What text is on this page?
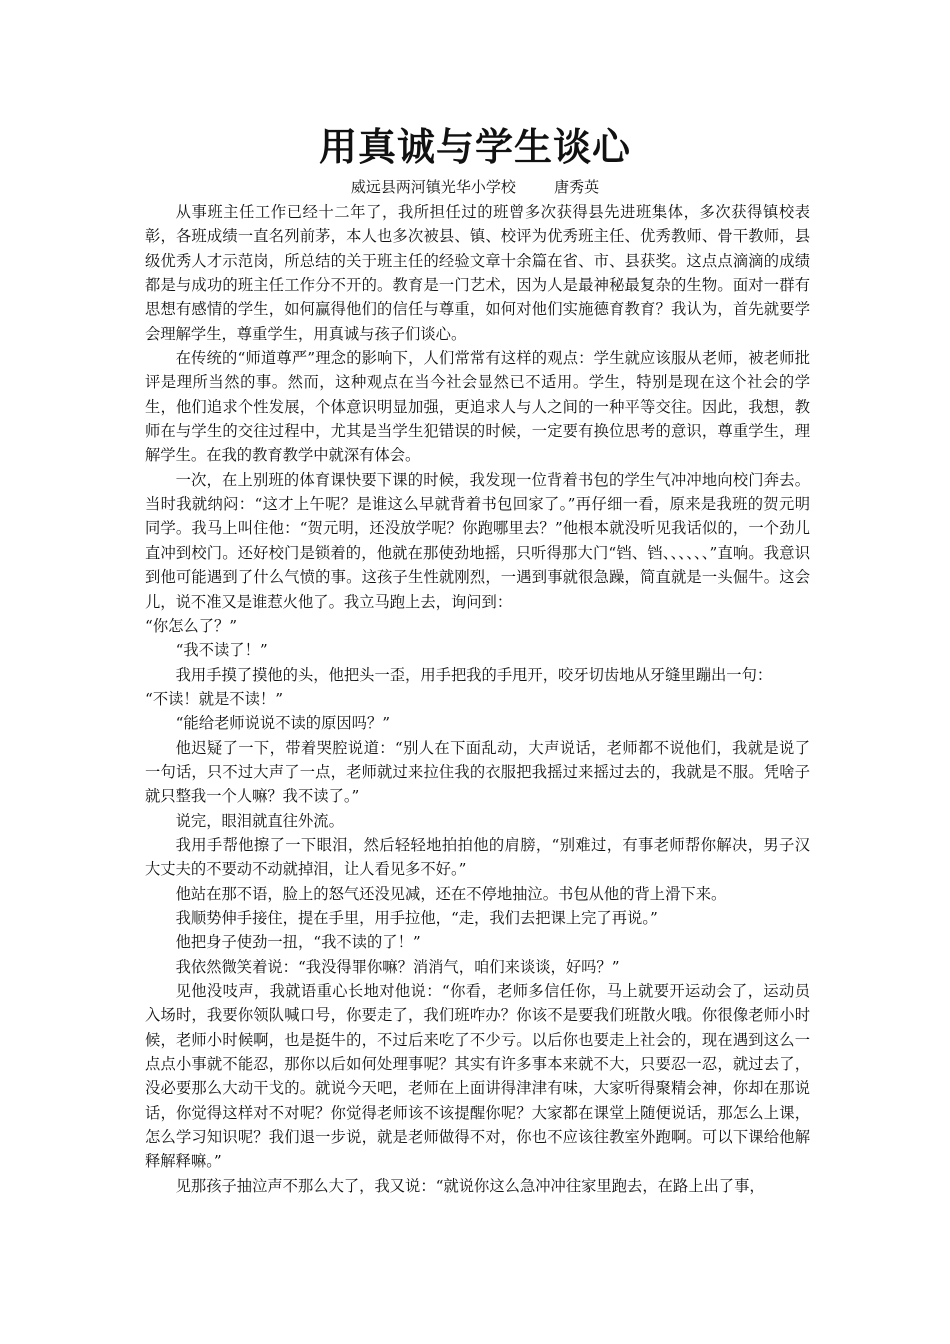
用真诚与学生谈心
威远县两河镇光华小学校	唐秀英

从事班主任工作已经十二年了，我所担任过的班曾多次获得县先进班集体，多次获得镇校表彰，各班成绩一直名列前茅，本人也多次被县、镇、校评为优秀班主任、优秀教师、骨干教师，县级优秀人才示范岗，所总结的关于班主任的经验文章十余篇在省、市、县获奖。这点点滴滴的成绩都是与成功的班主任工作分不开的。教育是一门艺术，因为人是最神秘最复杂的生物。面对一群有思想有感情的学生，如何赢得他们的信任与尊重，如何对他们实施德育教育？我认为，首先就要学会理解学生，尊重学生，用真诚与孩子们谈心。

在传统的“师道尊严”理念的影响下，人们常常有这样的观点：学生就应该服从老师，被老师批评是理所当然的事。然而，这种观点在当今社会显然已不适用。学生，特别是现在这个社会的学生，他们追求个性发展，个体意识明显加强，更追求人与人之间的一种平等交往。因此，我想，教师在与学生的交往过程中，尤其是当学生犯错误的时候，一定要有换位思考的意识，尊重学生，理解学生。在我的教育教学中就深有体会。

一次，在上别班的体育课快要下课的时候，我发现一位背着书包的学生气冲冲地向校门奔去。当时我就纳闷：“这才上午呢？是谁这么早就背着书包回家了。”再仔细一看，原来是我班的贺元明同学。我马上叫住他：“贺元明，还没放学呢？你跑哪里去？”他根本就没听见我话似的，一个劲儿直冲到校门。还好校门是锁着的，他就在那使劲地摇，只听得那大门“铛、铛、、、、、、”直响。我意识到他可能遇到了什么气愤的事。这孩子生性就刚烈，一遇到事就很急躁，简直就是一头倔牛。这会儿，说不准又是谁惹火他了。我立马跑上去，询问到：

“你怎么了？”

“我不读了！”

我用手摸了摸他的头，他把头一歪，用手把我的手甩开，咬牙切齿地从牙缝里蹦出一句：

“不读！就是不读！”

“能给老师说说不读的原因吗？”

他迟疑了一下，带着哭腔说道：“别人在下面乱动，大声说话，老师都不说他们，我就是说了一句话，只不过大声了一点，老师就过来拉住我的衣服把我摇过来摇过去的，我就是不服。凭啥子就只整我一个人嘛？我不读了。”

说完，眼泪就直往外流。

我用手帮他擦了一下眼泪，然后轻轻地拍拍他的肩膀，“别难过，有事老师帮你解决，男子汉大丈夫的不要动不动就掉泪，让人看见多不好。”

他站在那不语，脸上的怒气还没见减，还在不停地抽泣。书包从他的背上滑下来。

我顺势伸手接住，提在手里，用手拉他，“走，我们去把课上完了再说。”

他把身子使劲一扭，“我不读的了！”

我依然微笑着说：“我没得罪你嘛？消消气，咱们来谈谈，好吗？”

见他没吱声，我就语重心长地对他说：“你看，老师多信任你，马上就要开运动会了，运动员入场时，我要你领队喊口号，你要走了，我们班咋办？你该不是要我们班散火哦。你很像老师小时候，老师小时候啊，也是挺牛的，不过后来吃了不少亏。以后你也要走上社会的，现在遇到这么一点点小事就不能忍，那你以后如何处理事呢？其实有许多事本来就不大，只要忍一忍，就过去了，没必要那么大动干戈的。就说今天吧，老师在上面讲得津津有味，大家听得聚精会神，你却在那说话，你觉得这样对不对呢？你觉得老师该不该提醒你呢？大家都在课堂上随便说话，那怎么上课，怎么学习知识呢？我们退一步说，就是老师做得不对，你也不应该往教室外跑啊。可以下课给他解释解释嘛。”

见那孩子抽泣声不那么大了，我又说：“就说你这么急冲冲往家里跑去，在路上出了事，
